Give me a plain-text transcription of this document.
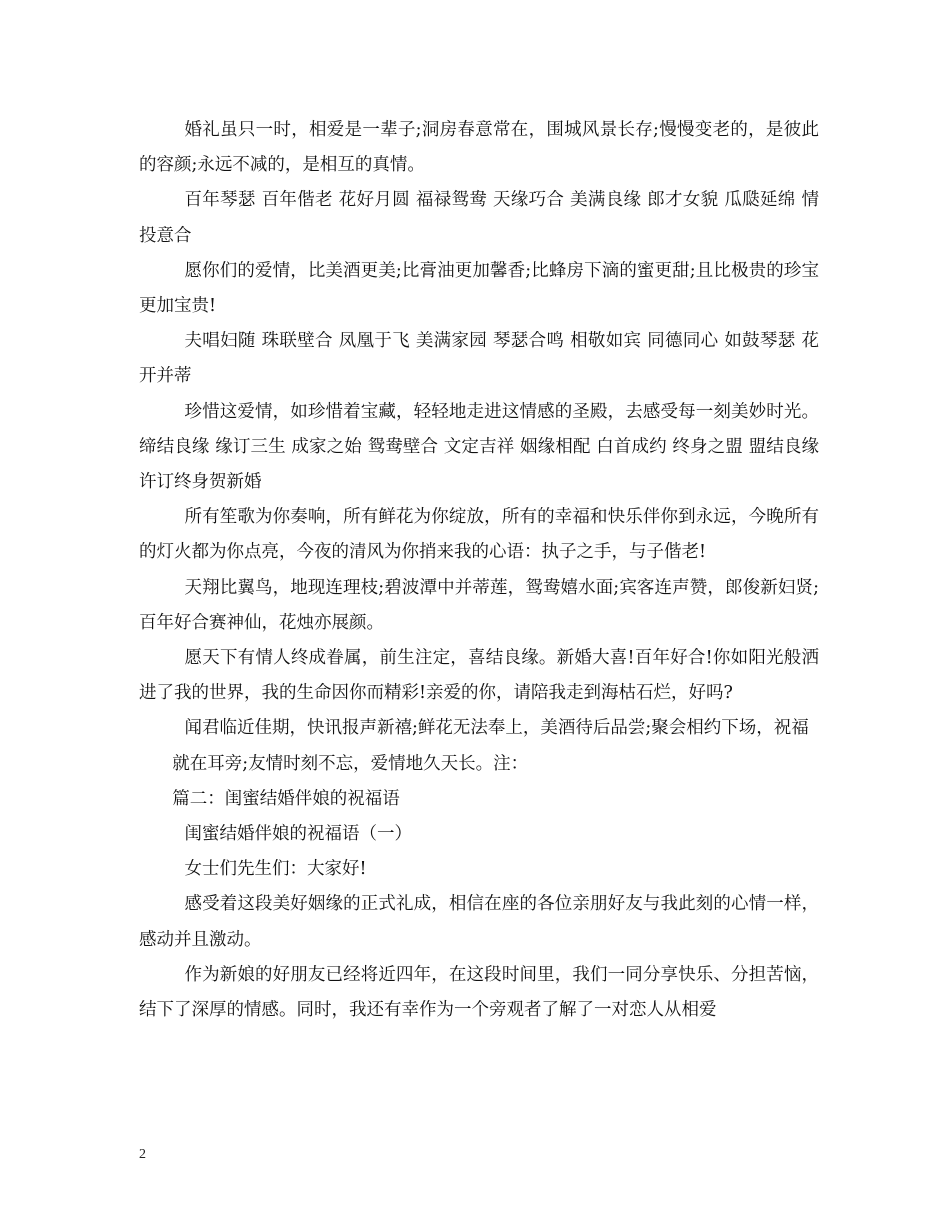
婚礼虽只一时，相爱是一辈子;洞房春意常在，围城风景长存;慢慢变老的，是彼此的容颜;永远不减的，是相互的真情。

百年琴瑟 百年偕老 花好月圆 福禄鸳鸯 天缘巧合 美满良缘 郎才女貌 瓜瓞延绵 情投意合

愿你们的爱情，比美酒更美;比膏油更加馨香;比蜂房下滴的蜜更甜;且比极贵的珍宝更加宝贵!

夫唱妇随 珠联壁合 凤凰于飞 美满家园 琴瑟合鸣 相敬如宾 同德同心 如鼓琴瑟 花开并蒂

珍惜这爱情，如珍惜着宝藏，轻轻地走进这情感的圣殿，去感受每一刻美妙时光。缔结良缘 缘订三生 成家之始 鸳鸯壁合 文定吉祥 姻缘相配 白首成约 终身之盟 盟结良缘 许订终身贺新婚

所有笙歌为你奏响，所有鲜花为你绽放，所有的幸福和快乐伴你到永远，今晚所有的灯火都为你点亮，今夜的清风为你捎来我的心语：执子之手，与子偕老!

天翔比翼鸟，地现连理枝;碧波潭中并蒂莲，鸳鸯嬉水面;宾客连声赞，郎俊新妇贤;百年好合赛神仙，花烛亦展颜。

愿天下有情人终成眷属，前生注定，喜结良缘。新婚大喜!百年好合!你如阳光般洒进了我的世界，我的生命因你而精彩!亲爱的你，请陪我走到海枯石烂，好吗?

闻君临近佳期，快讯报声新禧;鲜花无法奉上，美酒待后品尝;聚会相约下场，祝福

就在耳旁;友情时刻不忘，爱情地久天长。注：

篇二：闺蜜结婚伴娘的祝福语

闺蜜结婚伴娘的祝福语（一）

女士们先生们：大家好!

感受着这段美好姻缘的正式礼成，相信在座的各位亲朋好友与我此刻的心情一样，感动并且激动。

作为新娘的好朋友已经将近四年，在这段时间里，我们一同分享快乐、分担苦恼，结下了深厚的情感。同时，我还有幸作为一个旁观者了解了一对恋人从相爱

2
